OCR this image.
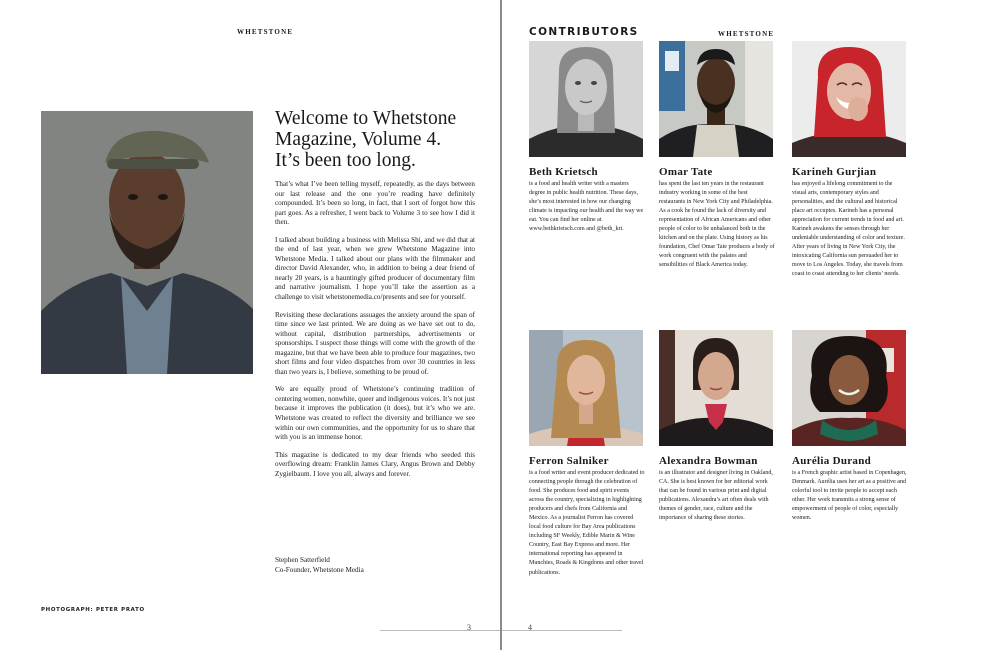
WHETSTONE
Welcome to Whetstone
Magazine, Volume 4.
It’s been too long.

That’s what I’ve been telling myself, repeatedly, as the days between our last release and the one you’re reading have definitely compounded. It’s been so long, in fact, that I sort of forgot how this part goes. As a refresher, I went back to Volume 3 to see how I did it then.

I talked about building a business with Melissa Shi, and we did that at the end of last year, when we grew Whetstone Magazine into Whetstone Media. I talked about our plans with the filmmaker and director David Alexander, who, in addition to being a dear friend of nearly 20 years, is a hauntingly gifted producer of documentary film and narrative journalism. I hope you’ll take the assertion as a challenge to visit whetstonemedia.co/presents and see for yourself.

Revisiting these declarations assuages the anxiety around the span of time since we last printed. We are doing as we have set out to do, without capital, distribution partnerships, advertisements or sponsorships. I suspect those things will come with the growth of the magazine, but that we have been able to produce four magazines, two short films and four video dispatches from over 30 countries in less than two years is, I believe, something to be proud of.

We are equally proud of Whetstone’s continuing tradition of centering women, nonwhite, queer and indigenous voices. It’s not just because it improves the publication (it does), but it’s who we are. Whetstone was created to reflect the diversity and brilliance we see within our own communities, and the opportunity for us to share that with you is an immense honor.

This magazine is dedicated to my dear friends who seeded this overflowing dream: Franklin James Clary, Angus Brown and Debby Zygielbaum. I love you all, always and forever.

Stephen Satterfield
Co-Founder, Whetstone Media
PHOTOGRAPH: PETER PRATO
3
CONTRIBUTORS	WHETSTONE
Beth Krietsch
is a food and health writer with a masters degree in public health nutrition. These days, she’s most interested in how our changing climate is impacting our health and the way we eat. You can find her online at www.bethkrietsch.com and @beth_kri.
Omar Tate
has spent the last ten years in the restaurant industry working in some of the best restaurants in New York City and Philadelphia. As a cook he found the lack of diversity and representation of African Americans and other people of color to be unbalanced both in the kitchen and on the plate. Using history as his foundation, Chef Omar Tate produces a body of work congruent with the palates and sensibilities of Black America today.
Karineh Gurjian
has enjoyed a lifelong commitment to the visual arts, contemporary styles and personalities, and the cultural and historical place art occupies. Karineh has a personal appreciation for current trends in food and art. Karineh awakens the senses through her undeniable understanding of color and texture. After years of living in New York City, the intoxicating California sun persuaded her to move to Los Angeles. Today, she travels from coast to coast attending to her clients’ needs.
Ferron Salniker
is a food writer and event producer dedicated to connecting people through the celebration of food. She produces food and spirit events across the country, specializing in highlighting producers and chefs from California and Mexico. As a journalist Ferron has covered local food culture for Bay Area publications including SF Weekly, Edible Marin & Wine Country, East Bay Express and more. Her international reporting has appeared in Munchies, Roads & Kingdoms and other travel publications.
Alexandra Bowman
is an illustrator and designer living in Oakland, CA. She is best known for her editorial work that can be found in various print and digital publications. Alexandra’s art often deals with themes of gender, race, culture and the importance of sharing these stories.
Aurélia Durand
is a French graphic artist based in Copenhagen, Denmark. Aurélia uses her art as a positive and colorful tool to invite people to accept each other. Her work transmits a strong sense of empowerment of people of color, especially women.
4
